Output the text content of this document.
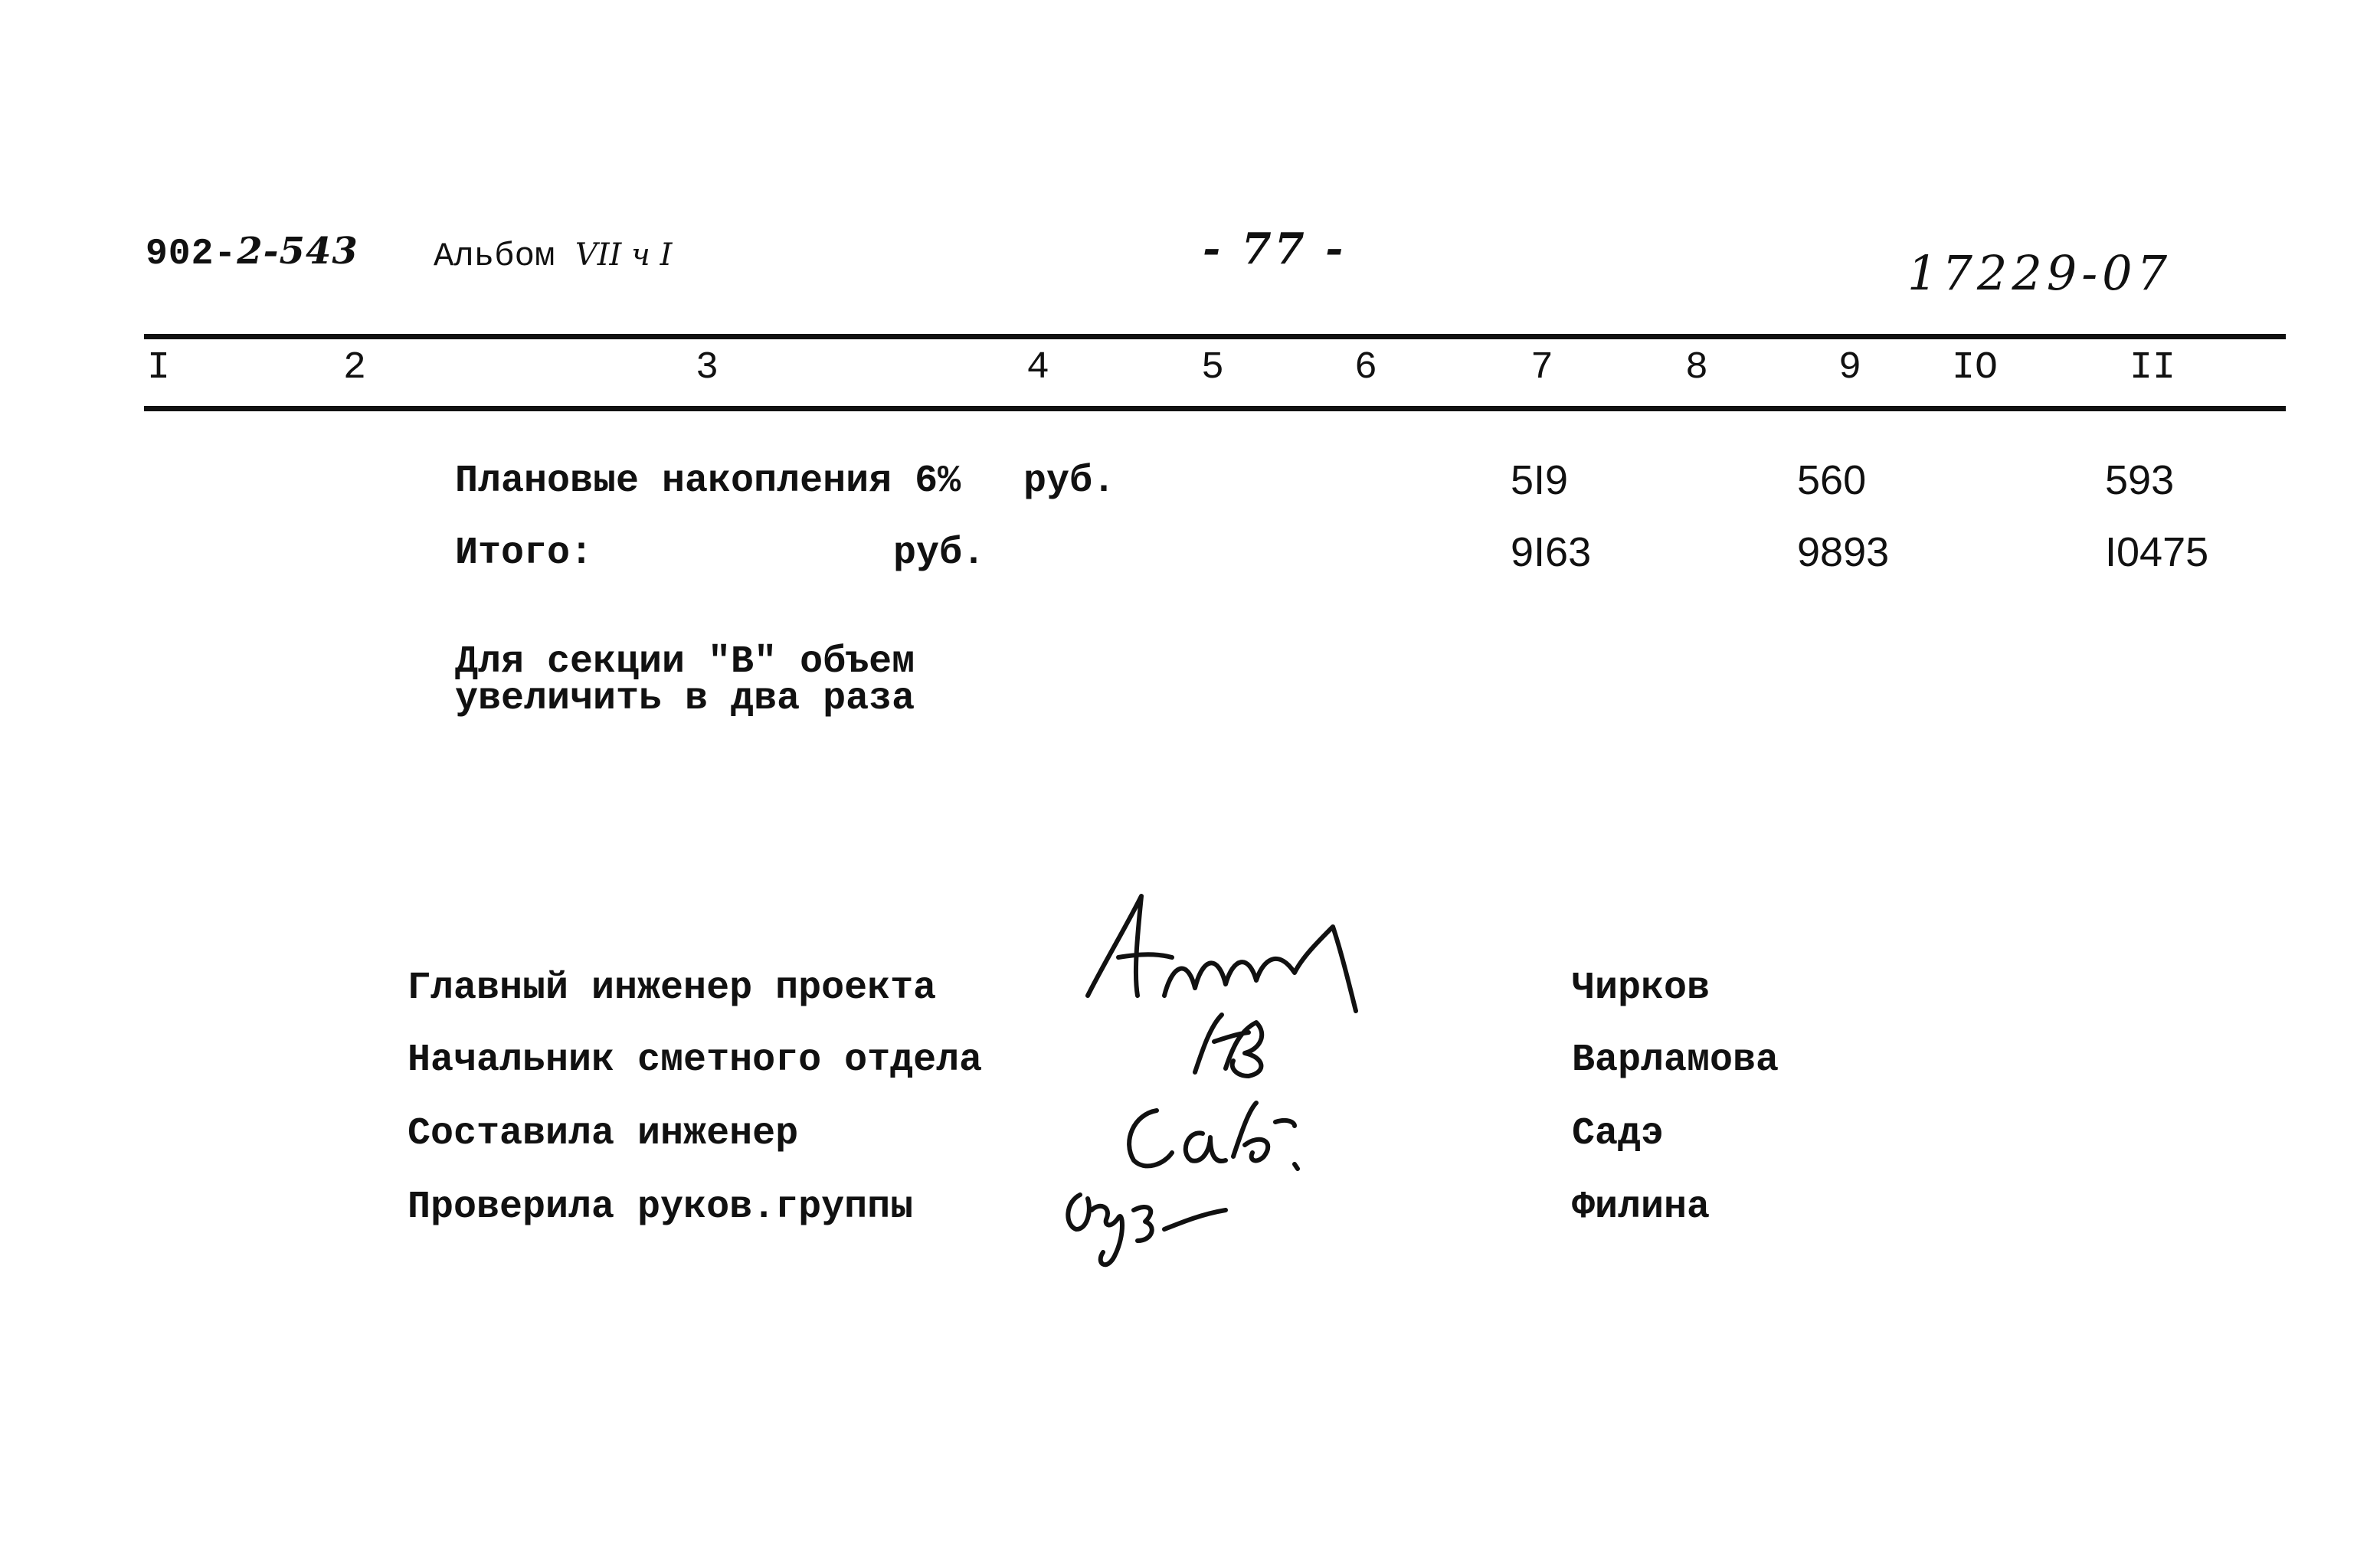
902-2-543 Альбом VII ч I	- 77 -	17229-07
I	2	3	4	5	6	7	8	9 IO	II
Плановые накопления 6% руб.	5I9	560	593
Итого:	руб.	9I63	9893	I0475
Для секции "В" объем
увеличить в два раза
Главный инженер проекта	Чирков
Начальник сметного отдела	Варламова
Составила инженер	Садэ
Проверила руков.группы	Филина
